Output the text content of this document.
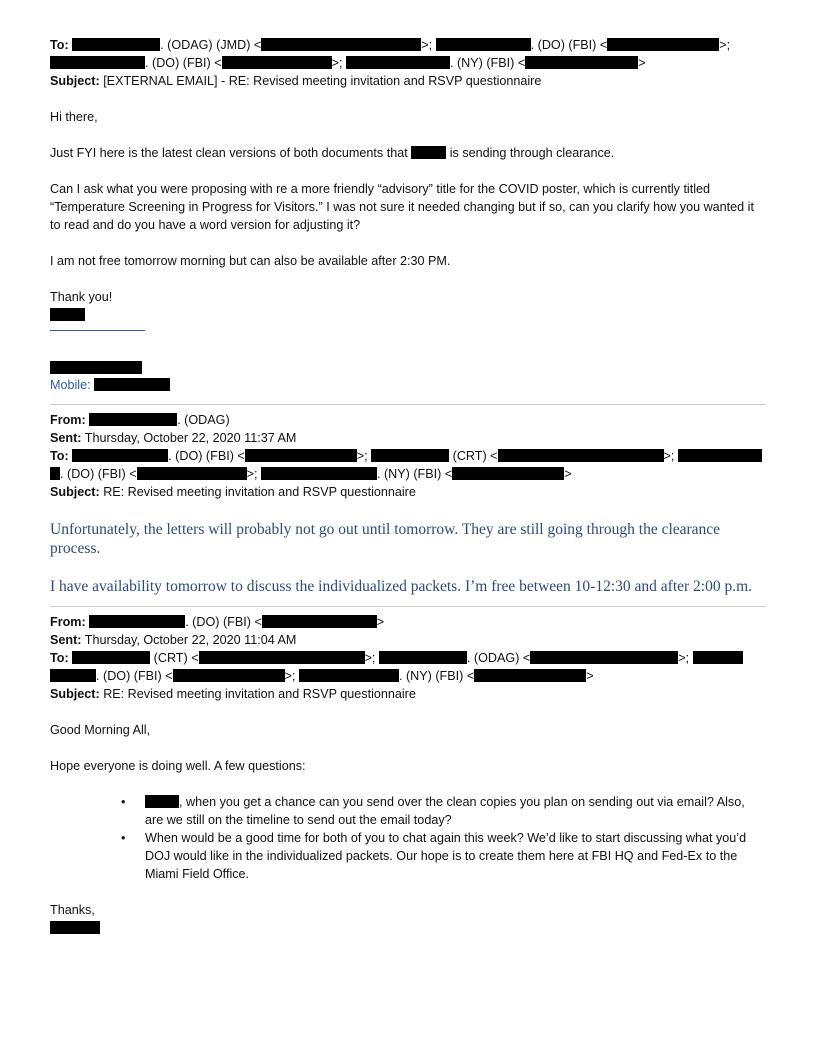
To:	. (ODAG) (JMD) <	>;	. (DO) (FBI) <	>;
. (DO) (FBI) <	>;	. (NY) (FBI) <	>
Subject: [EXTERNAL EMAIL] - RE: Revised meeting invitation and RSVP questionnaire
Hi there,
Just FYI here is the latest clean versions of both documents that	is sending through clearance.
Can I ask what you were proposing with re a more friendly “advisory” title for the COVID poster, which is currently titled “Temperature Screening in Progress for Visitors.” I was not sure it needed changing but if so, can you clarify how you wanted it to read and do you have a word version for adjusting it?
I am not free tomorrow morning but can also be available after 2:30 PM.
Thank you!
Mobile:
From:	. (ODAG)
Sent: Thursday, October 22, 2020 11:37 AM
To:	. (DO) (FBI) <	>;	(CRT) <	>;
. (DO) (FBI) <	>;	. (NY) (FBI) <	>
Subject: RE: Revised meeting invitation and RSVP questionnaire
Unfortunately, the letters will probably not go out until tomorrow. They are still going through the clearance process.
I have availability tomorrow to discuss the individualized packets. I’m free between 10-12:30 and after 2:00 p.m.
From:	. (DO) (FBI) <	>
Sent: Thursday, October 22, 2020 11:04 AM
To:	(CRT) <	>;	. (ODAG) <	>;
. (DO) (FBI) <	>;	. (NY) (FBI) <	>
Subject: RE: Revised meeting invitation and RSVP questionnaire
Good Morning All,
Hope everyone is doing well. A few questions:
• , when you get a chance can you send over the clean copies you plan on sending out via email? Also, are we still on the timeline to send out the email today?
• When would be a good time for both of you to chat again this week? We’d like to start discussing what you’d DOJ would like in the individualized packets. Our hope is to create them here at FBI HQ and Fed-Ex to the Miami Field Office.
Thanks,
